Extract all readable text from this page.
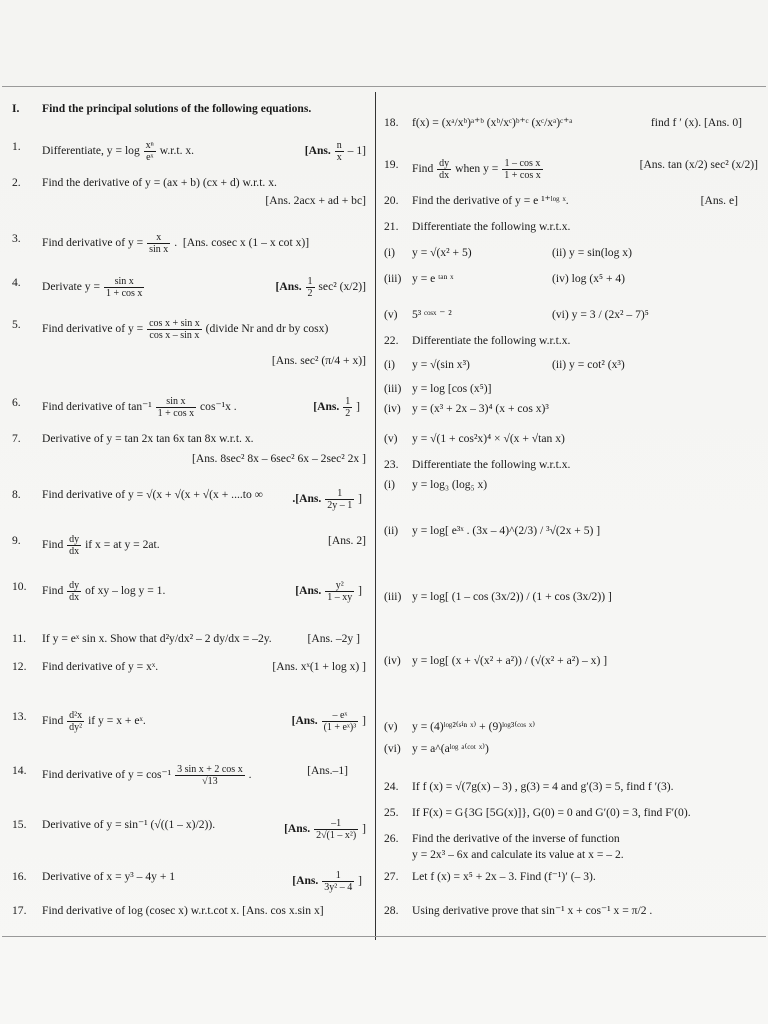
I. Find the principal solutions of the following equations.
1. Differentiate, $y = \log \frac{\text{xⁿ}}{\text{eˣ}} w.r.t$. x.	[Ans. $\frac{n}{x} - 1$]
2. Find the derivative of y = (ax + b) (cx + d) w.r.t. x.
[Ans. 2acx + ad + bc]
3. Find derivative of $y = \frac{x}{\text{sin x}}$ . [Ans. cosec x (1 – x cot x)]
4. Derivate $y = \frac{\text{sin x}}{\text{1 + cos x}}$	[Ans. $\frac{1}{2} \sec^2$ (x/2)]
5. Find derivative of $y = \frac{\text{cos x + sin x}}{\text{cos x – sin x}}$ (divide Nr and dr by cosx)
[Ans. sec² (π/4 + x)]
6. Find derivative of $\tan^{-1} \frac{\text{sin x}}{\text{1 + cos x}} \cos^{-1}x$ .	[Ans. $\frac{1}{2}$ ]
7. Derivative of y = tan 2x tan 6x tan 8x w.r.t. x.
[Ans. 8sec² 8x – 6sec² 6x – 2sec² 2x ]
8. Find derivative of y = √(x + √(x + √(x + ....to ∞	.[Ans. $\frac{1}{2y - 1}$ ]
9. Find $\frac{dy}{dx}$ if x = at y = 2at.	[Ans. 2]
10. Find $\frac{dy}{dx}$ of xy – log y = 1.	[Ans. $\frac{\text{y²}}{1 - xy}$ ]
11. If y = eˣ sin x. Show that d²y/dx² – 2 dy/dx = –2y.	[Ans. –2y ]
12. Find derivative of y = xˣ.	[Ans. xˣ(1 + log x) ]
13. Find $\frac{\text{d²x}}{\text{dy²}}$ if y = x + eˣ.	[Ans. $\frac{\text{– eˣ}}{\text{(1 + eˣ)³}}$ ]
14. Find derivative of $y = \cos^{-1} \frac{\text{3 sin x + 2 cos x}}{√13}$ .	[Ans.–1]
15. Derivative of y = sin⁻¹ (√((1 – x)/2)).	[Ans. $\frac{-1}{\text{2√(1 – x²)}}$ ]
16. Derivative of x = y³ – 4y + 1	[Ans. $\frac{1}{\text{3y² – 4}}$ ]
17. Find derivative of log (cosec x) w.r.t.cot x. [Ans. cos x.sin x]
18. f(x) = (xᵃ/xᵇ)ᵃ⁺ᵇ (xᵇ/xᶜ)ᵇ⁺ᶜ (xᶜ/xᵃ)ᶜ⁺ᵃ	find f ′ (x). [Ans. 0]
19. Find $\frac{dy}{dx}$ when $y = \frac{\text{1 – cos x}}{\text{1 + cos x}}$	[Ans. tan (x/2) sec² (x/2)]
20. Find the derivative of y = e ¹⁺ˡᵒᵍ ˣ.	[Ans. e]
21. Differentiate the following w.r.t.x.
(i) y = √(x² + 5)	(ii) y = sin(log x)
(iii) y = e ᵗᵃⁿ ˣ	(iv) log (x⁵ + 4)
(v) 5³ ᶜᵒˢˣ ⁻ ²	(vi) y = 3 / (2x² – 7)⁵
22. Differentiate the following w.r.t.x.
(i) y = √(sin x³)	(ii) y = cot² (x³)
(iii) y = log [cos (x⁵)]
(iv) y = (x³ + 2x – 3)⁴ (x + cos x)³
(v) y = √(1 + cos²x)⁴ × √(x + √tan x)
23. Differentiate the following w.r.t.x.
(i) y = log₃ (log₅ x)
(ii) y = log[ e³ˣ . (3x – 4)^(2/3) / ³√(2x + 5) ]
(iii) y = log[ (1 – cos (3x/2)) / (1 + cos (3x/2)) ]
(iv) y = log[ (x + √(x² + a²)) / (√(x² + a²) – x) ]
(v) y = (4)ˡᵒᵍ²⁽ˢⁱⁿ ˣ⁾ + (9)ˡᵒᵍ³⁽ᶜᵒˢ ˣ⁾
(vi) y = a^(aˡᵒᵍ ᵃ⁽ᶜᵒᵗ ˣ⁾)
24. If f (x) = √(7g(x) – 3) , g(3) = 4 and g′(3) = 5, find f ′(3).
25. If F(x) = G{3G [5G(x)]}, G(0) = 0 and G′(0) = 3, find F′(0).
26. Find the derivative of the inverse of function
y = 2x³ – 6x and calculate its value at x = – 2.
27. Let f (x) = x⁵ + 2x – 3. Find (f⁻¹)′ (– 3).
28. Using derivative prove that sin⁻¹ x + cos⁻¹ x = π/2 .
